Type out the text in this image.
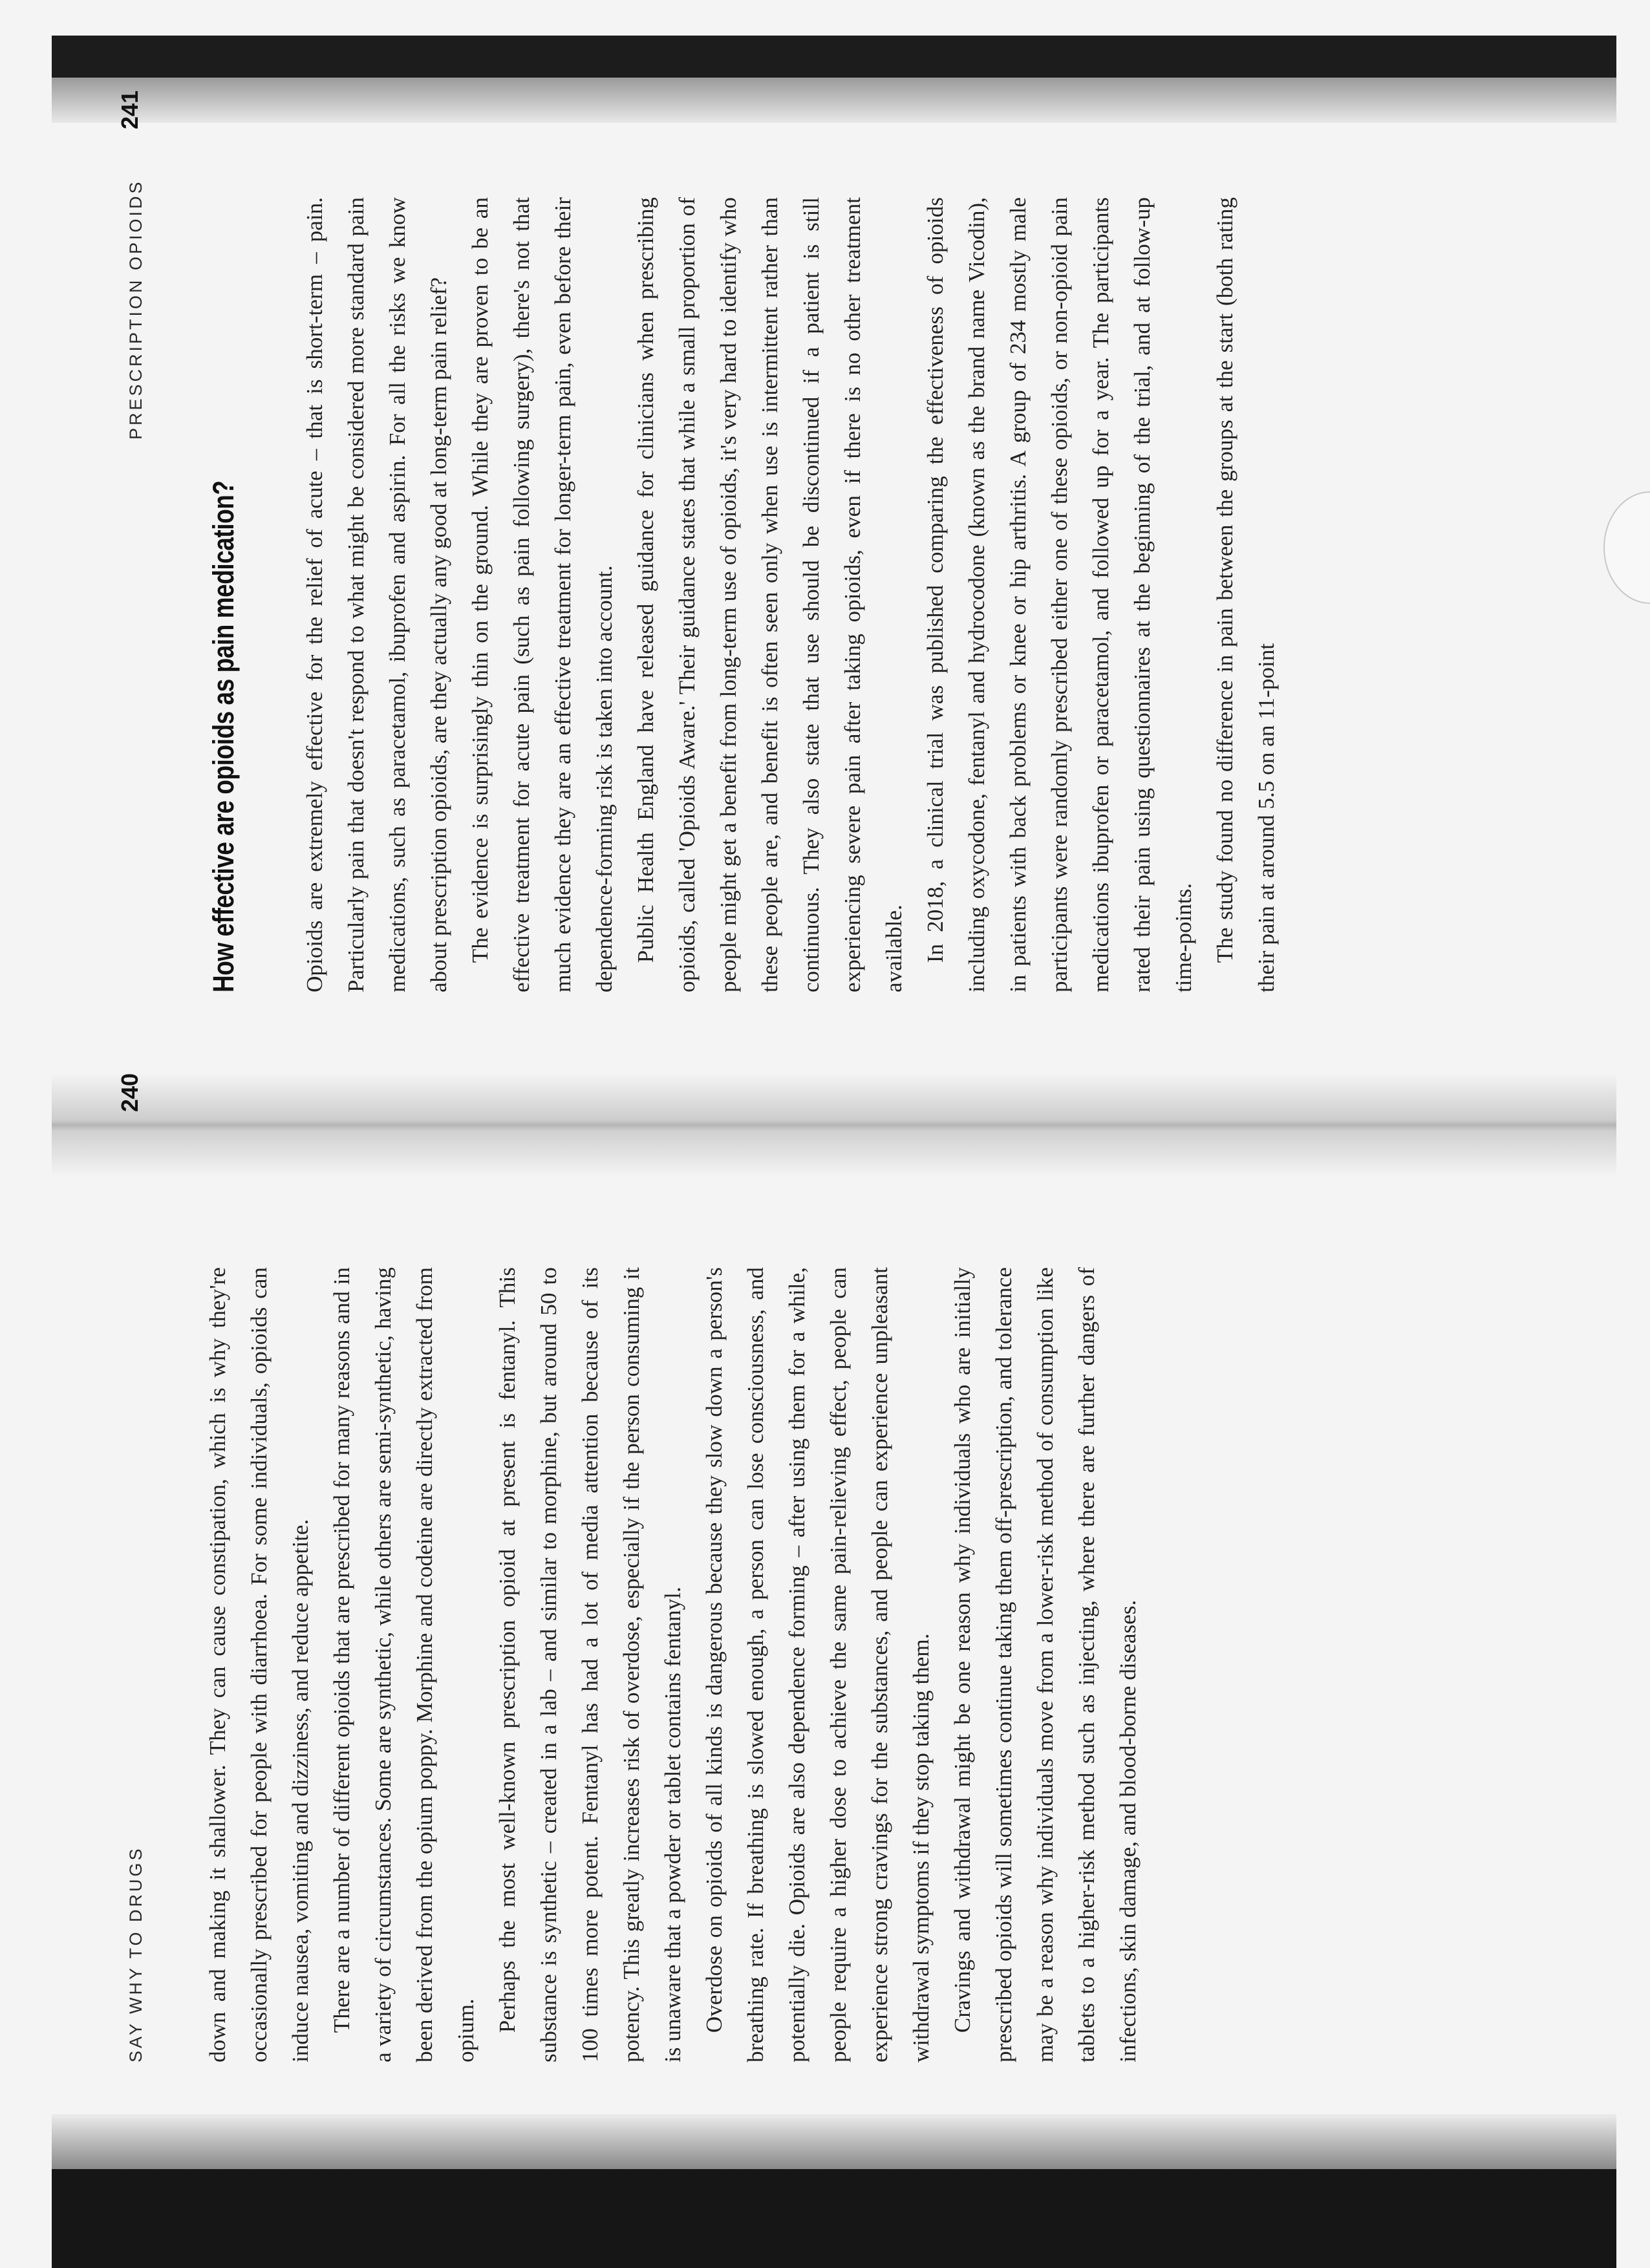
SAY WHY TO DRUGS
240

down and making it shallower. They can cause constipation, which is why they're occasionally prescribed for people with diarrhoea. For some individuals, opioids can induce nausea, vomiting and dizziness, and reduce appetite. There are a number of different opioids that are prescribed for many reasons and in a variety of circumstances. Some are synthetic, while others are semi-synthetic, having been derived from the opium poppy. Morphine and codeine are directly extracted from opium. Perhaps the most well-known prescription opioid at present is fentanyl. This substance is synthetic – created in a lab – and similar to morphine, but around 50 to 100 times more potent. Fentanyl has had a lot of media attention because of its potency. This greatly increases risk of overdose, especially if the person consuming it is unaware that a powder or tablet contains fentanyl. Overdose on opioids of all kinds is dangerous because they slow down a person's breathing rate. If breathing is slowed enough, a person can lose consciousness, and potentially die. Opioids are also dependence forming – after using them for a while, people require a higher dose to achieve the same pain-relieving effect, people can experience strong cravings for the substances, and people can experience unpleasant withdrawal symptoms if they stop taking them. Cravings and withdrawal might be one reason why individuals who are initially prescribed opioids will sometimes continue taking them off-prescription, and tolerance may be a reason why individuals move from a lower-risk method of consumption like tablets to a higher-risk method such as injecting, where there are further dangers of infections, skin damage, and blood-borne diseases.

PRESCRIPTION OPIOIDS
241
How effective are opioids as pain medication?	Opioids are extremely effective for the relief of acute – that is short-term – pain. Particularly pain that doesn't respond to what might be considered more standard pain medications, such as paracetamol, ibuprofen and aspirin. For all the risks we know about prescription opioids, are they actually any good at long-term pain relief? The evidence is surprisingly thin on the ground. While they are proven to be an effective treatment for acute pain (such as pain following surgery), there's not that much evidence they are an effective treatment for longer-term pain, even before their dependence-forming risk is taken into account. Public Health England have released guidance for clinicians when prescribing opioids, called 'Opioids Aware.' Their guidance states that while a small proportion of people might get a benefit from long-term use of opioids, it's very hard to identify who these people are, and benefit is often seen only when use is intermittent rather than continuous. They also state that use should be discontinued if a patient is still experiencing severe pain after taking opioids, even if there is no other treatment available. In 2018, a clinical trial was published comparing the effectiveness of opioids including oxycodone, fentanyl and hydrocodone (known as the brand name Vicodin), in patients with back problems or knee or hip arthritis. A group of 234 mostly male participants were randomly prescribed either one of these opioids, or non-opioid pain medications ibuprofen or paracetamol, and followed up for a year. The participants rated their pain using questionnaires at the beginning of the trial, and at follow-up time-points. The study found no difference in pain between the groups at the start (both rating their pain at around 5.5 on an 11-point
